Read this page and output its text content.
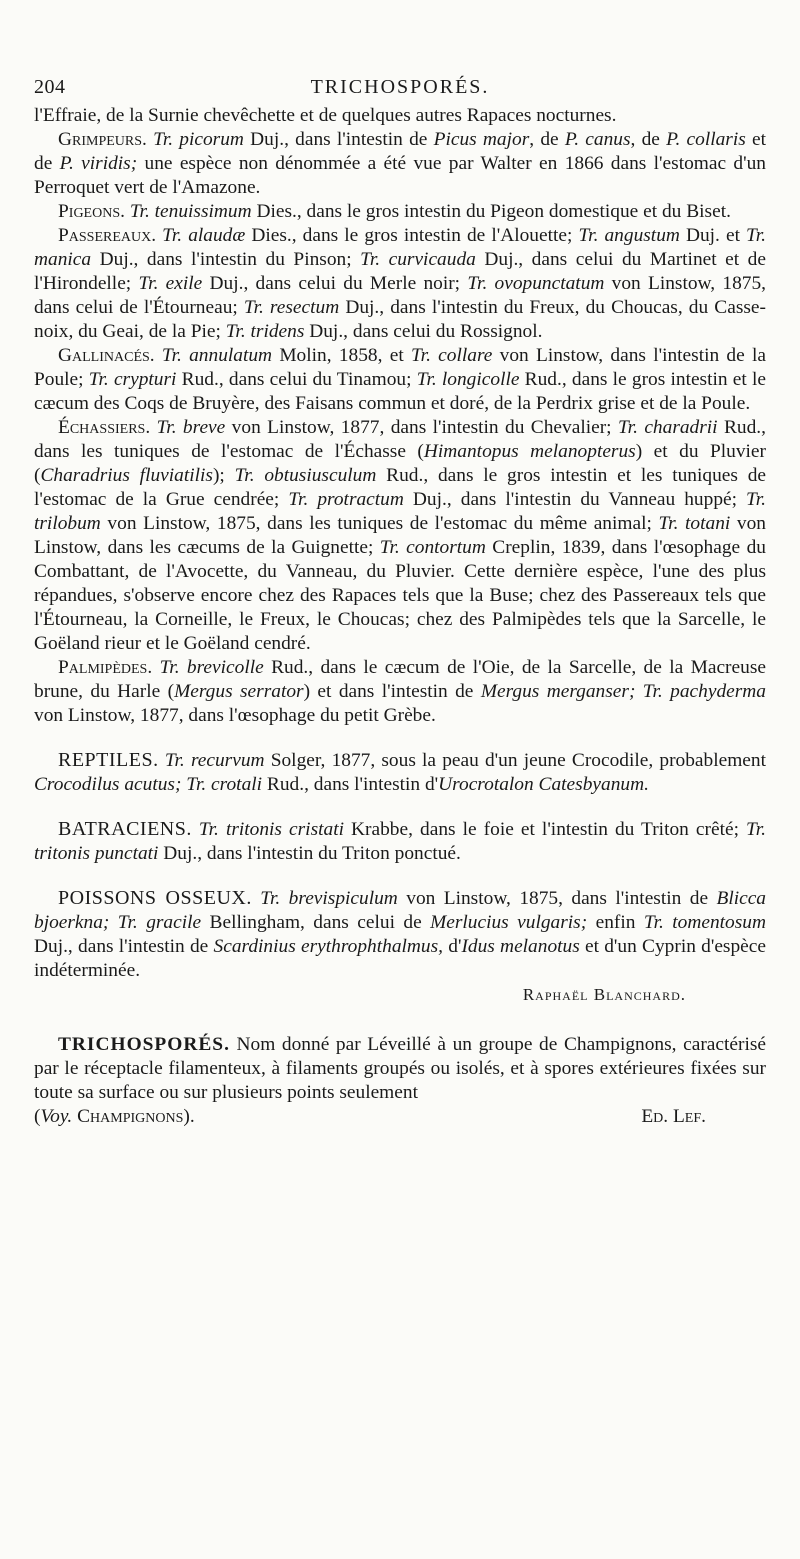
204	TRICHOSPORÉS.

l'Effraie, de la Surnie chevêchette et de quelques autres Rapaces nocturnes.

Grimpeurs. Tr. picorum Duj., dans l'intestin de Picus major, de P. canus, de P. collaris et de P. viridis; une espèce non dénommée a été vue par Walter en 1866 dans l'estomac d'un Perroquet vert de l'Amazone.

Pigeons. Tr. tenuissimum Dies., dans le gros intestin du Pigeon domestique et du Biset.

Passereaux. Tr. alaudæ Dies., dans le gros intestin de l'Alouette; Tr. angustum Duj. et Tr. manica Duj., dans l'intestin du Pinson; Tr. curvicauda Duj., dans celui du Martinet et de l'Hirondelle; Tr. exile Duj., dans celui du Merle noir; Tr. ovopunctatum von Linstow, 1875, dans celui de l'Étourneau; Tr. resectum Duj., dans l'intestin du Freux, du Choucas, du Casse-noix, du Geai, de la Pie; Tr. tridens Duj., dans celui du Rossignol.

Gallinacés. Tr. annulatum Molin, 1858, et Tr. collare von Linstow, dans l'intestin de la Poule; Tr. crypturi Rud., dans celui du Tinamou; Tr. longicolle Rud., dans le gros intestin et le cæcum des Coqs de Bruyère, des Faisans commun et doré, de la Perdrix grise et de la Poule.

Échassiers. Tr. breve von Linstow, 1877, dans l'intestin du Chevalier; Tr. charadrii Rud., dans les tuniques de l'estomac de l'Échasse (Himantopus melanopterus) et du Pluvier (Charadrius fluviatilis); Tr. obtusiusculum Rud., dans le gros intestin et les tuniques de l'estomac de la Grue cendrée; Tr. protractum Duj., dans l'intestin du Vanneau huppé; Tr. trilobum von Linstow, 1875, dans les tuniques de l'estomac du même animal; Tr. totani von Linstow, dans les cæcums de la Guignette; Tr. contortum Creplin, 1839, dans l'œsophage du Combattant, de l'Avocette, du Vanneau, du Pluvier. Cette dernière espèce, l'une des plus répandues, s'observe encore chez des Rapaces tels que la Buse; chez des Passereaux tels que l'Étourneau, la Corneille, le Freux, le Choucas; chez des Palmipèdes tels que la Sarcelle, le Goëland rieur et le Goëland cendré.

Palmipèdes. Tr. brevicolle Rud., dans le cæcum de l'Oie, de la Sarcelle, de la Macreuse brune, du Harle (Mergus serrator) et dans l'intestin de Mergus merganser; Tr. pachyderma von Linstow, 1877, dans l'œsophage du petit Grèbe.

REPTILES. Tr. recurvum Solger, 1877, sous la peau d'un jeune Crocodile, probablement Crocodilus acutus; Tr. crotali Rud., dans l'intestin d'Urocrotalon Catesbyanum.

BATRACIENS. Tr. tritonis cristati Krabbe, dans le foie et l'intestin du Triton crêté; Tr. tritonis punctati Duj., dans l'intestin du Triton ponctué.

POISSONS OSSEUX. Tr. brevispiculum von Linstow, 1875, dans l'intestin de Blicca bjoerkna; Tr. gracile Bellingham, dans celui de Merlucius vulgaris; enfin Tr. tomentosum Duj., dans l'intestin de Scardinius erythrophthalmus, d'Idus melanotus et d'un Cyprin d'espèce indéterminée.

Raphaël Blanchard.

TRICHOSPORÉS. Nom donné par Léveillé à un groupe de Champignons, caractérisé par le réceptacle filamenteux, à filaments groupés ou isolés, et à spores extérieures fixées sur toute sa surface ou sur plusieurs points seulement

(Voy. Champignons).	Ed. Lef.
